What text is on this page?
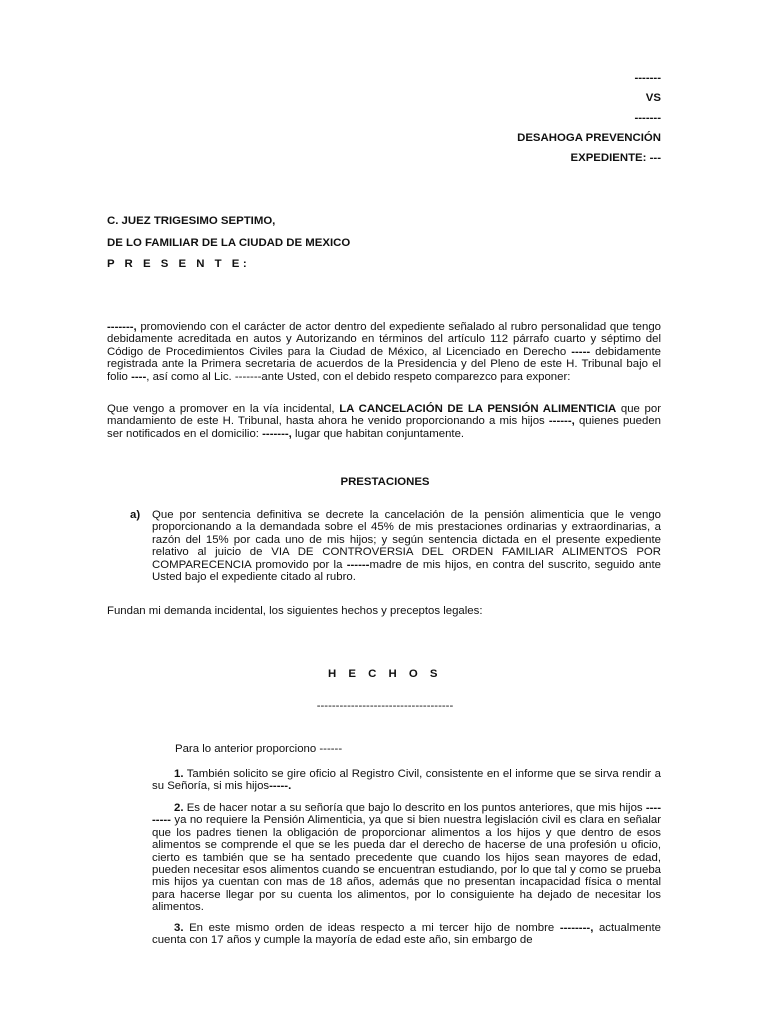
-------
VS
-------
DESAHOGA PREVENCIÓN
EXPEDIENTE: ---
C. JUEZ TRIGESIMO SEPTIMO,
DE LO FAMILIAR DE LA CIUDAD DE MEXICO
P R E S E N T E:
-------, promoviendo con el carácter de actor dentro del expediente señalado al rubro personalidad que tengo debidamente acreditada en autos y Autorizando en términos del artículo 112 párrafo cuarto y séptimo del Código de Procedimientos Civiles para la Ciudad de México, al Licenciado en Derecho ----- debidamente registrada ante la Primera secretaria de acuerdos de la Presidencia y del Pleno de este H. Tribunal bajo el folio ----, así como al Lic. -------ante Usted, con el debido respeto comparezco para exponer:
Que vengo a promover en la vía incidental, LA CANCELACIÓN DE LA PENSIÓN ALIMENTICIA que por mandamiento de este H. Tribunal, hasta ahora he venido proporcionando a mis hijos ------, quienes pueden ser notificados en el domicilio: -------, lugar que habitan conjuntamente.
PRESTACIONES
a) Que por sentencia definitiva se decrete la cancelación de la pensión alimenticia que le vengo proporcionando a la demandada sobre el 45% de mis prestaciones ordinarias y extraordinarias, a razón del 15% por cada uno de mis hijos; y según sentencia dictada en el presente expediente relativo al juicio de VIA DE CONTROVERSIA DEL ORDEN FAMILIAR ALIMENTOS POR COMPARECENCIA promovido por la ------madre de mis hijos, en contra del suscrito, seguido ante Usted bajo el expediente citado al rubro.
Fundan mi demanda incidental, los siguientes hechos y preceptos legales:
H E C H O S
------------------------------------
Para lo anterior proporciono ------
1. También solicito se gire oficio al Registro Civil, consistente en el informe que se sirva rendir a su Señoría, si mis hijos-----.
2. Es de hacer notar a su señoría que bajo lo descrito en los puntos anteriores, que mis hijos --------- ya no requiere la Pensión Alimenticia, ya que si bien nuestra legislación civil es clara en señalar que los padres tienen la obligación de proporcionar alimentos a los hijos y que dentro de esos alimentos se comprende el que se les pueda dar el derecho de hacerse de una profesión u oficio, cierto es también que se ha sentado precedente que cuando los hijos sean mayores de edad, pueden necesitar esos alimentos cuando se encuentran estudiando, por lo que tal y como se prueba mis hijos ya cuentan con mas de 18 años, además que no presentan incapacidad física o mental para hacerse llegar por su cuenta los alimentos, por lo consiguiente ha dejado de necesitar los alimentos.
3. En este mismo orden de ideas respecto a mi tercer hijo de nombre --------, actualmente cuenta con 17 años y cumple la mayoría de edad este año, sin embargo de
